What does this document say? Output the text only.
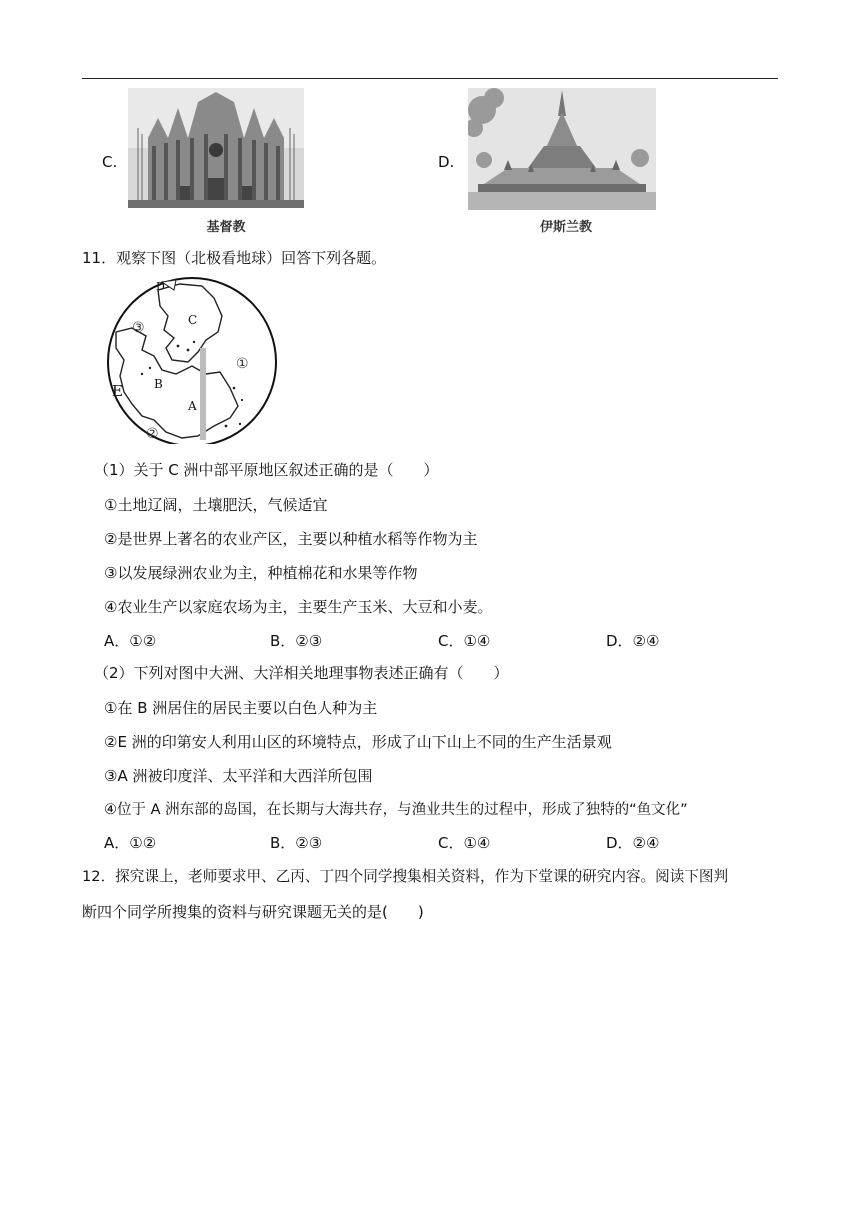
C.
基督教
D.
伊斯兰教
11．观察下图（北极看地球）回答下列各题。
C
D
B
A
E
①
②
③
（1）关于 C 洲中部平原地区叙述正确的是（　　）
①土地辽阔，土壤肥沃，气候适宜
②是世界上著名的农业产区，主要以种植水稻等作物为主
③以发展绿洲农业为主，种植棉花和水果等作物
④农业生产以家庭农场为主，主要生产玉米、大豆和小麦。
A．①②	B．②③	C．①④	D．②④
（2）下列对图中大洲、大洋相关地理事物表述正确有（　　）
①在 B 洲居住的居民主要以白色人种为主
②E 洲的印第安人利用山区的环境特点，形成了山下山上不同的生产生活景观
③A 洲被印度洋、太平洋和大西洋所包围
④位于 A 洲东部的岛国，在长期与大海共存，与渔业共生的过程中，形成了独特的“鱼文化”
A．①②	B．②③	C．①④	D．②④
12．探究课上，老师要求甲、乙丙、丁四个同学搜集相关资料，作为下堂课的研究内容。阅读下图判
断四个同学所搜集的资料与研究课题无关的是(　　)
